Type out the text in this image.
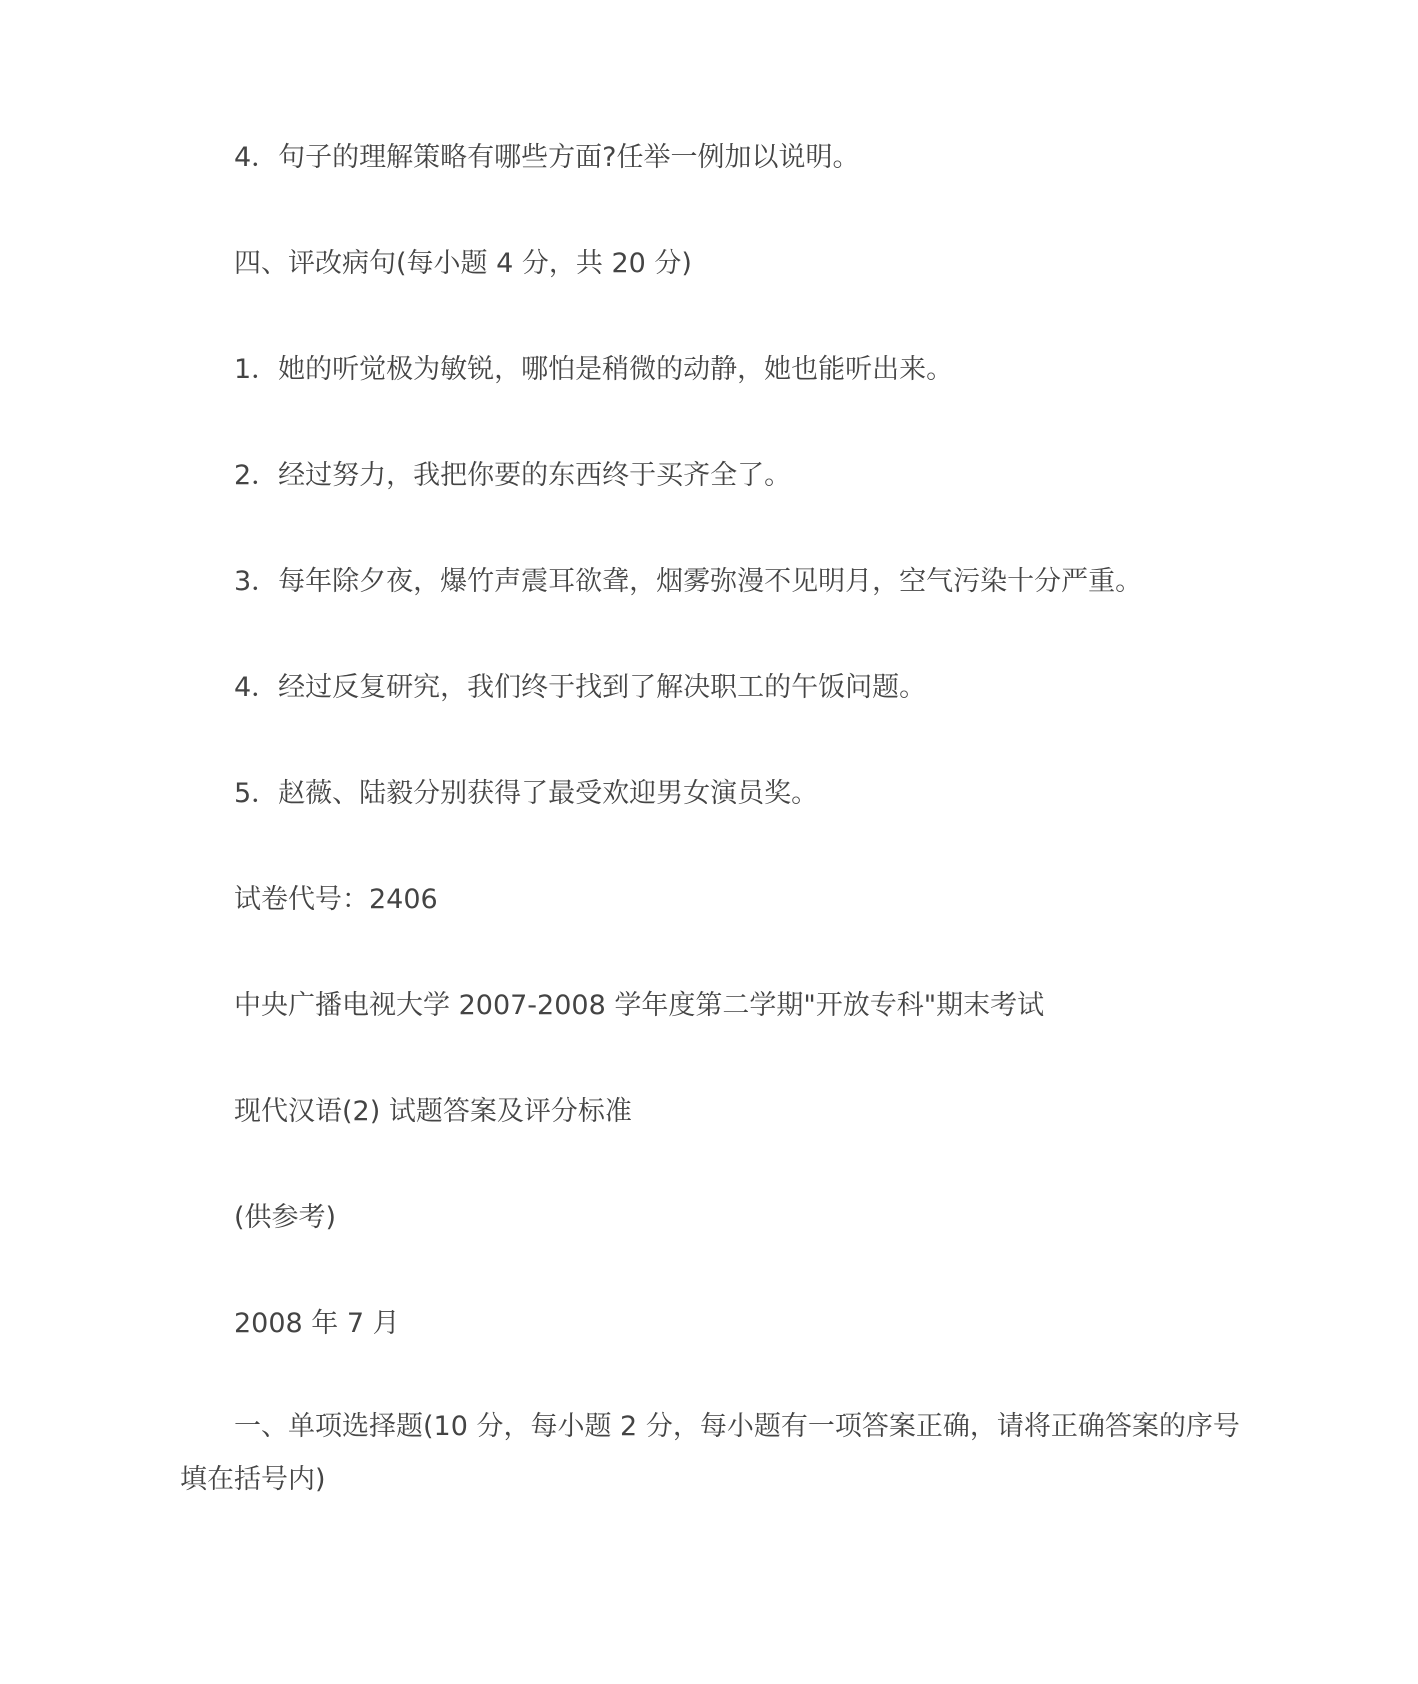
4．句子的理解策略有哪些方面?任举一例加以说明。

四、评改病句(每小题 4 分，共 20 分)

1．她的听觉极为敏锐，哪怕是稍微的动静，她也能听出来。

2．经过努力，我把你要的东西终于买齐全了。

3．每年除夕夜，爆竹声震耳欲聋，烟雾弥漫不见明月，空气污染十分严重。

4．经过反复研究，我们终于找到了解决职工的午饭问题。

5．赵薇、陆毅分别获得了最受欢迎男女演员奖。

试卷代号：2406

中央广播电视大学 2007-2008 学年度第二学期"开放专科"期末考试

现代汉语(2) 试题答案及评分标准

(供参考)

2008 年 7 月

一、单项选择题(10 分，每小题 2 分，每小题有一项答案正确，请将正确答案的序号填在括号内)
